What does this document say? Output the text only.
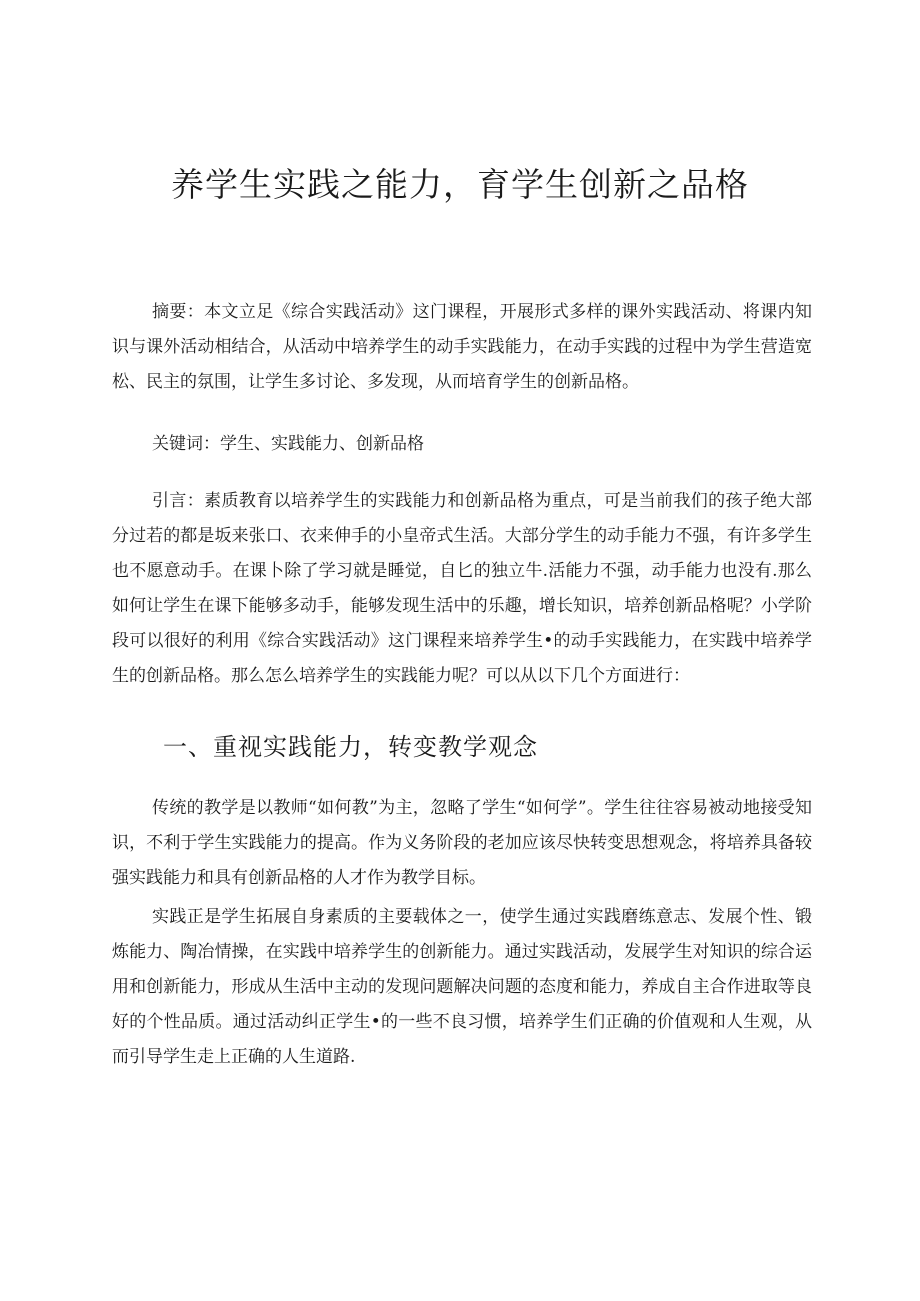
养学生实践之能力，育学生创新之品格

摘要：本文立足《综合实践活动》这门课程，开展形式多样的课外实践活动、将课内知识与课外活动相结合，从活动中培养学生的动手实践能力，在动手实践的过程中为学生营造宽松、民主的氛围，让学生多讨论、多发现，从而培育学生的创新品格。

关键词：学生、实践能力、创新品格

引言：素质教育以培养学生的实践能力和创新品格为重点，可是当前我们的孩子绝大部分过若的都是坂来张口、衣来伸手的小皇帝式生活。大部分学生的动手能力不强，有许多学生也不愿意动手。在课卜除了学习就是睡觉，自匕的独立牛.活能力不强，动手能力也没有.那么如何让学生在课下能够多动手，能够发现生活中的乐趣，增长知识，培养创新品格呢？小学阶段可以很好的利用《综合实践活动》这门课程来培养学生•的动手实践能力，在实践中培养学生的创新品格。那么怎么培养学生的实践能力呢？可以从以下几个方面进行：

一、重视实践能力，转变教学观念

传统的教学是以教师“如何教”为主，忽略了学生“如何学”。学生往往容易被动地接受知识，不利于学生实践能力的提高。作为义务阶段的老加应该尽快转变思想观念，将培养具备较强实践能力和具有创新品格的人才作为教学目标。

实践正是学生拓展自身素质的主要载体之一，使学生通过实践磨练意志、发展个性、锻炼能力、陶冶情操，在实践中培养学生的创新能力。通过实践活动，发展学生对知识的综合运用和创新能力，形成从生活中主动的发现问题解决问题的态度和能力，养成自主合作进取等良好的个性品质。通过活动纠正学生•的一些不良习惯，培养学生们正确的价值观和人生观，从而引导学生走上正确的人生道路.
